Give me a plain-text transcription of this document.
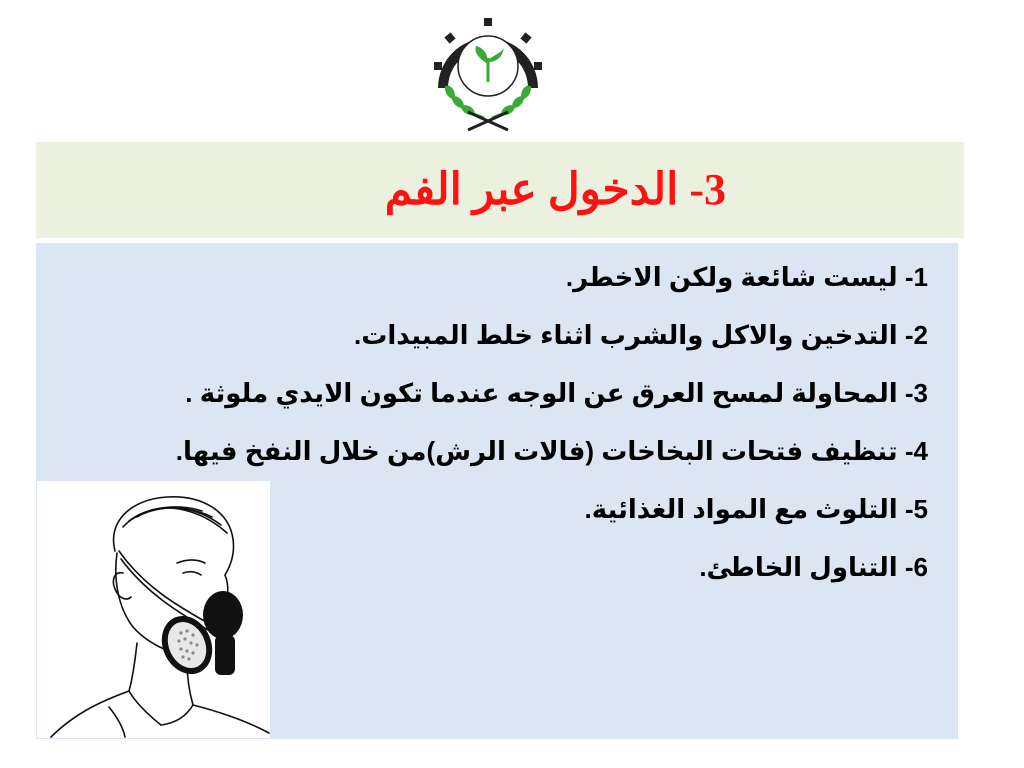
3- الدخول عبر الفم
1- ليست شائعة ولكن الاخطر.
2- التدخين والاكل والشرب اثناء خلط المبيدات.
3- المحاولة لمسح العرق عن الوجه عندما تكون الايدي ملوثة .
4- تنظيف فتحات البخاخات (فالات الرش)من خلال النفخ فيها.
5- التلوث مع المواد الغذائية.
6- التناول الخاطئ.
